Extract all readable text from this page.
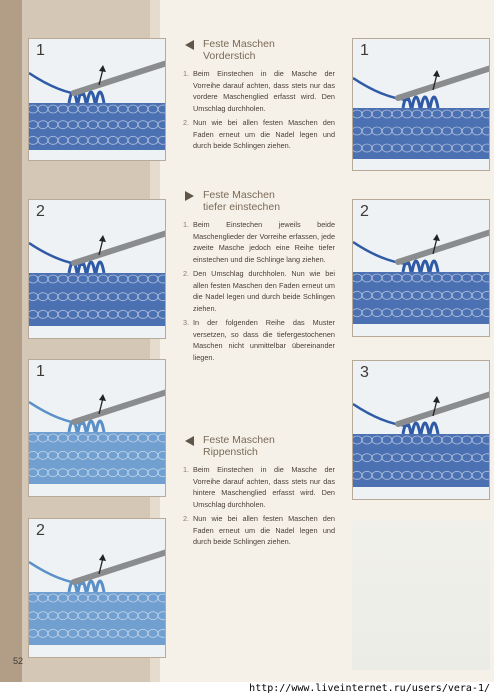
1
2
1
2
1
2
3
Feste Maschen
Vorderstich
1. Beim Einstechen in die Masche der Vorreihe darauf achten, dass stets nur das vordere Maschenglied erfasst wird. Den Umschlag durchholen.
2. Nun wie bei allen festen Maschen den Faden erneut um die Nadel legen und durch beide Schlingen ziehen.
Feste Maschen
tiefer einstechen
1. Beim Einstechen jeweils beide Maschenglieder der Vorreihe erfassen, jede zweite Masche jedoch eine Reihe tiefer einstechen und die Schlinge lang ziehen.
2. Den Umschlag durchholen. Nun wie bei allen festen Maschen den Faden erneut um die Nadel legen und durch beide Schlingen ziehen.
3. In der folgenden Reihe das Muster versetzen, so dass die tiefergestochenen Maschen nicht unmittelbar übereinander liegen.
Feste Maschen
Rippenstich
1. Beim Einstechen in die Masche der Vorreihe darauf achten, dass stets nur das hintere Maschenglied erfasst wird. Den Umschlag durchholen.
2. Nun wie bei allen festen Maschen den Faden erneut um die Nadel legen und durch beide Schlingen ziehen.
52
http://www.liveinternet.ru/users/vera-1/
